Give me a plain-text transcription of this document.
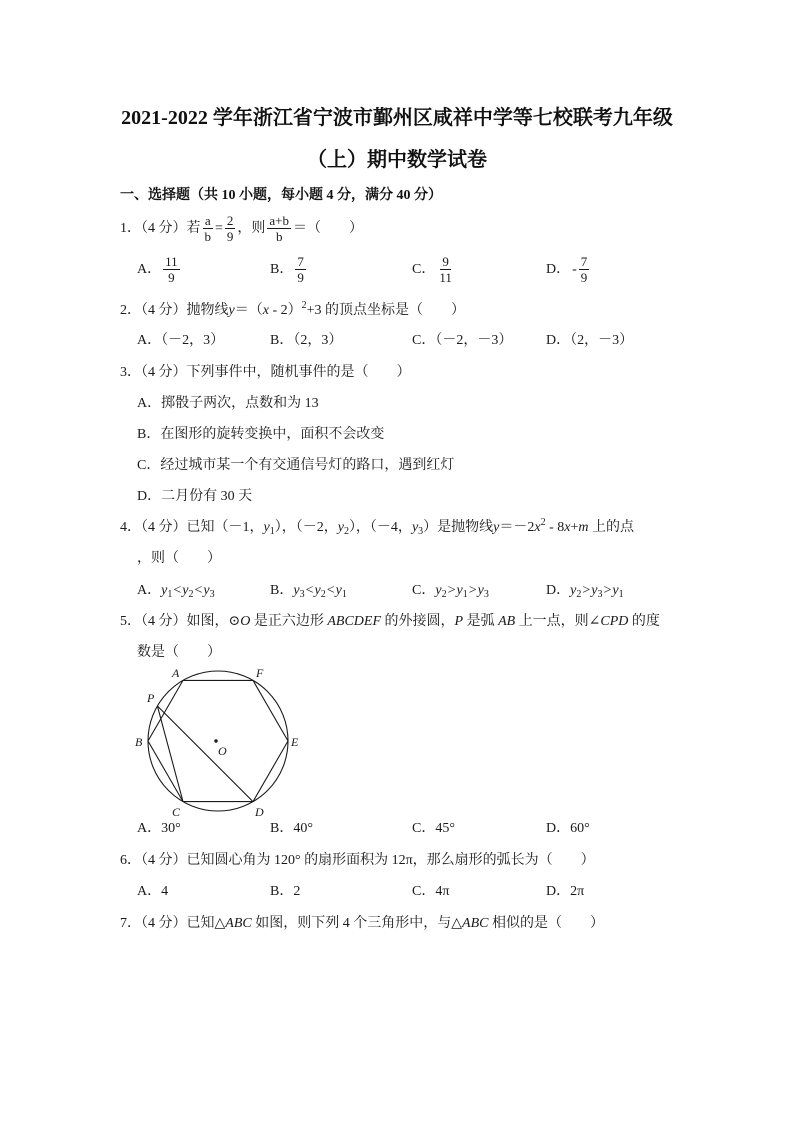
2021-2022 学年浙江省宁波市鄞州区咸祥中学等七校联考九年级
（上）期中数学试卷
一、选择题（共 10 小题，每小题 4 分，满分 40 分）
1．（4 分）若 $\frac{a}{b} = \frac{2}{9}$ ，则 $\frac{a+b}{b}$ ＝（　　）
A． $\frac{11}{9}$	B． $\frac{7}{9}$	C． $\frac{9}{11}$	D． - $\frac{7}{9}$
2．（4 分）抛物线y＝（x - 2）$^2$+3 的顶点坐标是（　　）
A．（－2，3）	B．（2，3）	C．（－2，－3） D．（2，－3）
3．（4 分）下列事件中，随机事件的是（　　）
A．掷骰子两次，点数和为 13
B．在图形的旋转变换中，面积不会改变
C．经过城市某一个有交通信号灯的路口，遇到红灯
D．二月份有 30 天
4．（4 分）已知（－1，$y_1$），（－2，$y_2$），（－4，$y_3$）是抛物线$y=-2x^2 - 8x+m$ 上的点
，则（　　）
A．$y_1<y_2<y_3$	B．$y_3<y_2<y_1$	C．$y_2>y_1>y_3$	D．$y_2>y_3>y_1$
5．（4 分）如图，⊙O 是正六边形 ABCDEF 的外接圆，P 是弧 AB 上一点，则∠CPD 的度
数是（　　）
A	F
E
D
C
B
P
O
A．30°	B．40°	C．45°	D．60°
6．（4 分）已知圆心角为 120° 的扇形面积为 12π，那么扇形的弧长为（　　）
A．4	B．2	C．4π	D．2π
7．（4 分）已知△ABC 如图，则下列 4 个三角形中，与△ABC 相似的是（　　）
